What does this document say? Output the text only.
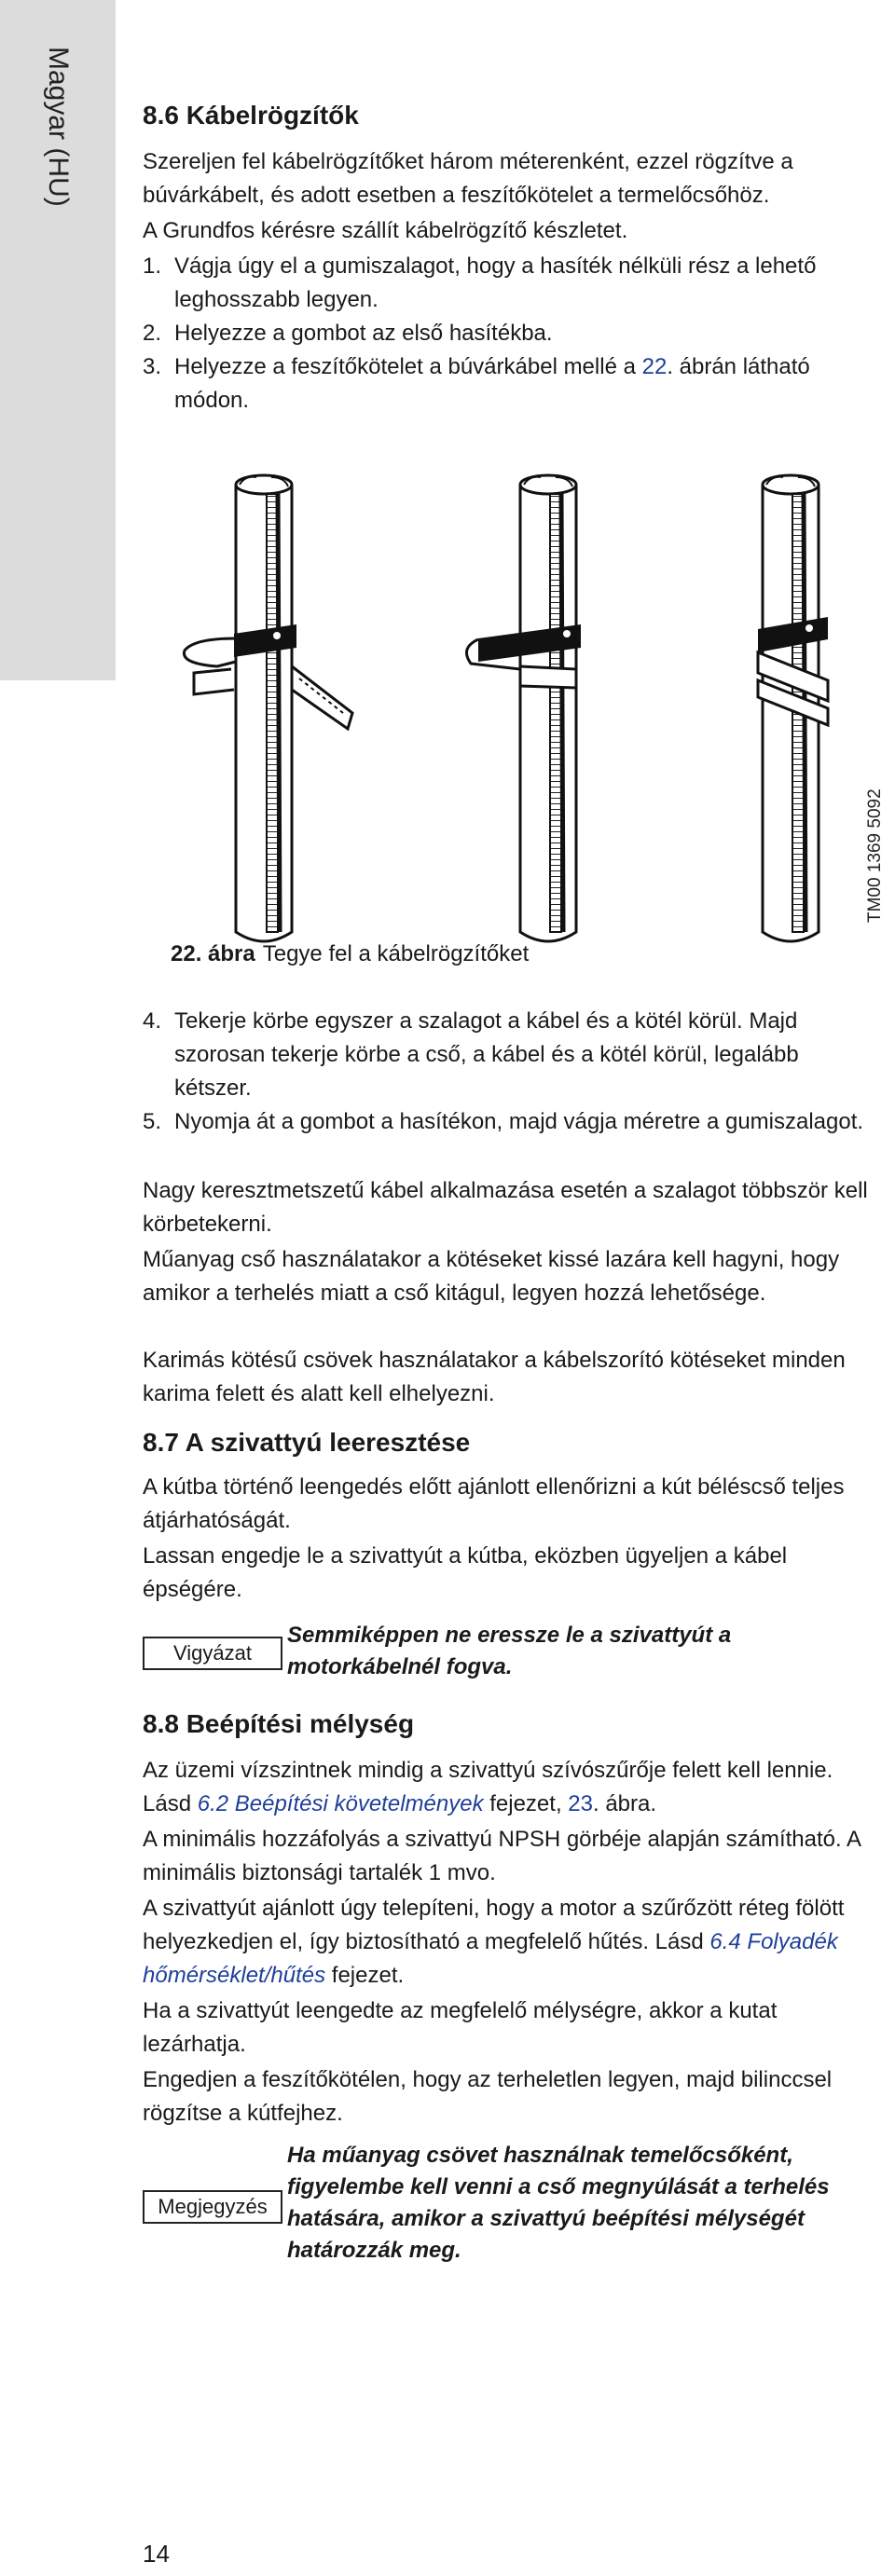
Magyar (HU)	8.6 Kábelrögzítők

Szereljen fel kábelrögzítőket három méterenként, ezzel rögzítve a búvárkábelt, és adott esetben a feszítőkötelet a termelőcsőhöz.

A Grundfos kérésre szállít kábelrögzítő készletet.

1. Vágja úgy el a gumiszalagot, hogy a hasíték nélküli rész a lehető leghosszabb legyen.
2. Helyezze a gombot az első hasítékba.
3. Helyezze a feszítőkötelet a búvárkábel mellé a 22. ábrán látható módon.
TM00 1369 5092
22. ábra Tegye fel a kábelrögzítőket
4. Tekerje körbe egyszer a szalagot a kábel és a kötél körül. Majd szorosan tekerje körbe a cső, a kábel és a kötél körül, legalább kétszer.
5. Nyomja át a gombot a hasítékon, majd vágja méretre a gumiszalagot.

Nagy keresztmetszetű kábel alkalmazása esetén a szalagot többször kell körbetekerni.

Műanyag cső használatakor a kötéseket kissé lazára kell hagyni, hogy amikor a terhelés miatt a cső kitágul, legyen hozzá lehetősége.

Karimás kötésű csövek használatakor a kábelszorító kötéseket minden karima felett és alatt kell elhelyezni.

8.7 A szivattyú leeresztése

A kútba történő leengedés előtt ajánlott ellenőrizni a kút béléscső teljes átjárhatóságát.

Lassan engedje le a szivattyút a kútba, eközben ügyeljen a kábel épségére.

Vigyázat
Semmiképpen ne eressze le a szivattyút a motorkábelnél fogva.
8.8 Beépítési mélység

Az üzemi vízszintnek mindig a szivattyú szívószűrője felett kell lennie. Lásd 6.2 Beépítési követelmények fejezet, 23. ábra.

A minimális hozzáfolyás a szivattyú NPSH görbéje alapján számítható. A minimális biztonsági tartalék 1 mvo.

A szivattyút ajánlott úgy telepíteni, hogy a motor a szűrőzött réteg fölött helyezkedjen el, így biztosítható a megfelelő hűtés. Lásd 6.4 Folyadék hőmérséklet/hűtés fejezet.

Ha a szivattyút leengedte az megfelelő mélységre, akkor a kutat lezárhatja.

Engedjen a feszítőkötélen, hogy az terheletlen legyen, majd bilinccsel rögzítse a kútfejhez.

Megjegyzés
Ha műanyag csövet használnak temelőcsőként, figyelembe kell venni a cső megnyúlását a terhelés hatására, amikor a szivattyú beépítési mélységét határozzák meg.
14
